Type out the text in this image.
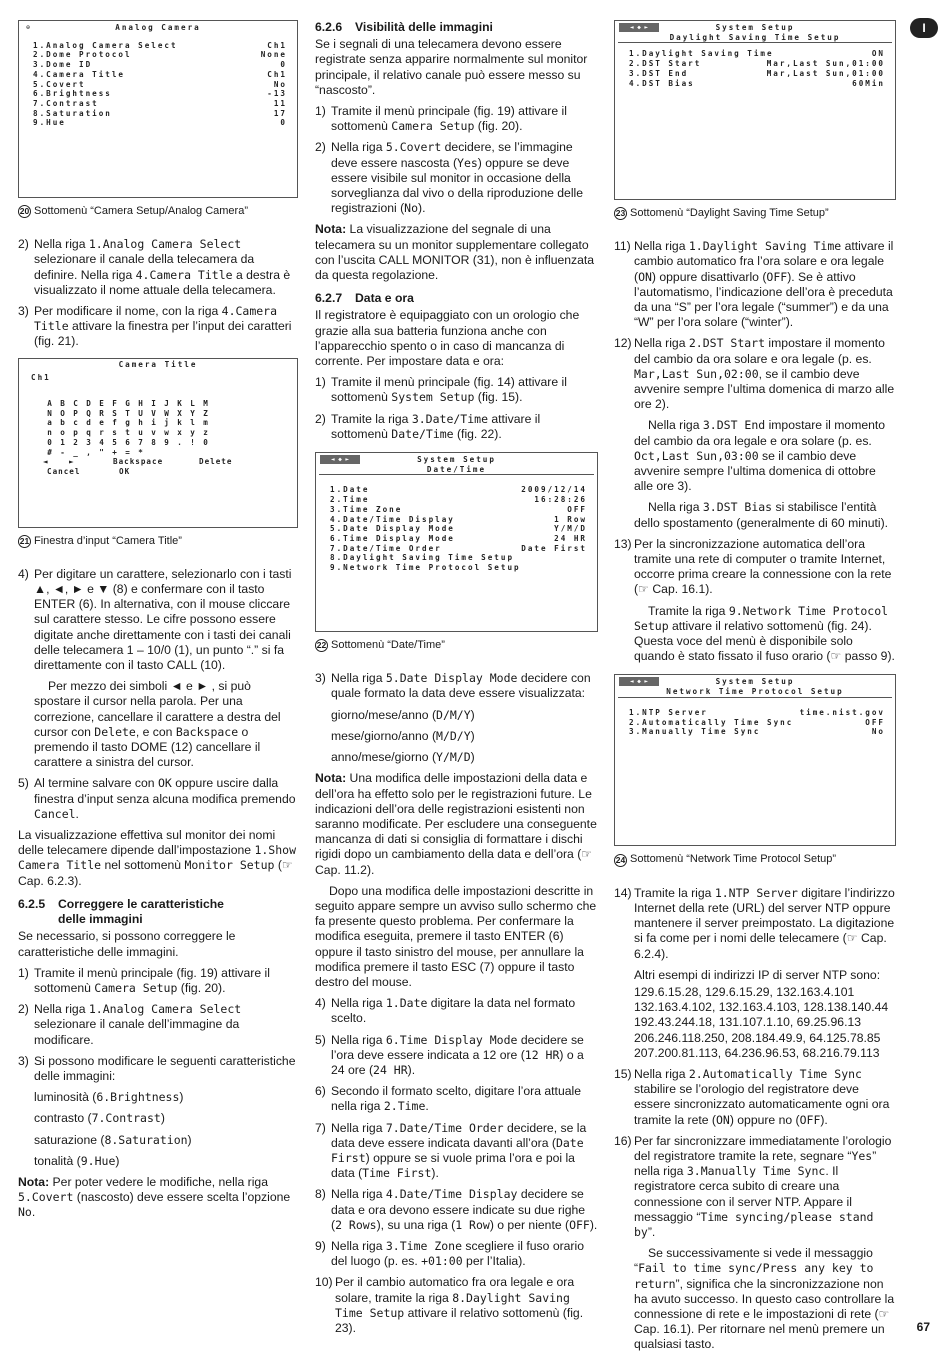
I
⊕	Analog Camera
1.Analog Camera Select	Ch1
2.Dome Protocol	None
3.Dome ID	0
4.Camera Title	Ch1
5.Covert	No
6.Brightness	-13
7.Contrast	11
8.Saturation	17
9.Hue	0
20 Sottomenù “Camera Setup/Analog Camera”
2) Nella riga 1.Analog Camera Select selezionare il canale della telecamera da definire. Nella riga 4.Camera Title a destra è visualizzato il nome attuale della telecamera.
3) Per modificare il nome, con la riga 4.Camera Title attivare la finestra per l’input dei caratteri (fig. 21).
Camera Title
Ch1
A	B	C	D	E	F	G	H	I	J	K	L	M
N	O	P	Q	R	S	T	U	V	W	X	Y	Z
a	b	c	d	e	f	g	h	i	j	k	l	m
n	o	p	q	r	s	t	u	v	w	x	y	z
0	1	2	3	4	5	6	7	8	9	.	!	0
#	-	_	,	"	+	=	*
◄	►	Backspace	Delete
Cancel	OK
21 Finestra d’input “Camera Title”
4) Per digitare un carattere, selezionarlo con i tasti ▲, ◄, ► e ▼ (8) e confermare con il tasto ENTER (6). In alternativa, con il mouse cliccare sul carattere stesso. Le cifre possono essere digitate anche direttamente con i tasti dei canali delle telecamera 1 – 10/0 (1), un punto “.” si fa direttamente con il tasto CALL (10).

Per mezzo dei simboli ◄ e ► , si può spostare il cursor nella parola. Per una correzione, cancellare il carattere a destra del cursor con Delete, e con Backspace o premendo il tasto DOME (12) cancellare il carattere a sinistra del cursor.

5) Al termine salvare con OK oppure uscire dalla finestra d’input senza alcuna modifica premendo Cancel.

La visualizzazione effettiva sul monitor dei nomi delle telecamere dipende dall’impostazione 1.Show Camera Title nel sottomenù Monitor Setup (☞ Cap. 6.2.3).

6.2.5	Correggere le caratteristiche
delle immagini

Se necessario, si possono correggere le caratteristiche delle immagini.

1) Tramite il menù principale (fig. 19) attivare il sottomenù Camera Setup (fig. 20).
2) Nella riga 1.Analog Camera Select selezionare il canale dell’immagine da modificare.
3) Si possono modificare le seguenti caratteristiche delle immagini:

luminosità (6.Brightness)

contrasto (7.Contrast)

saturazione (8.Saturation)

tonalità (9.Hue)

Nota: Per poter vedere le modifiche, nella riga 5.Covert (nascosto) deve essere scelta l’opzione No.

6.2.6	Visibilità delle immagini

Se i segnali di una telecamera devono essere registrate senza apparire normalmente sul monitor principale, il relativo canale può essere messo su “nascosto”.

1) Tramite il menù principale (fig. 19) attivare il sottomenù Camera Setup (fig. 20).
2) Nella riga 5.Covert decidere, se l’immagine deve essere nascosta (Yes) oppure se deve essere visibile sul monitor in occasione della sorveglianza dal vivo o della riproduzione delle registrazioni (No).

Nota: La visualizzazione del segnale di una telecamera su un monitor supplementare collegato con l’uscita CALL MONITOR (31), non è influenzata da questa regolazione.

6.2.7	Data e ora

Il registratore è equipaggiato con un orologio che grazie alla sua batteria funziona anche con l’apparecchio spento o in caso di mancanza di corrente. Per impostare data e ora:

1) Tramite il menù principale (fig. 14) attivare il sottomenù System Setup (fig. 15).
2) Tramite la riga 3.Date/Time attivare il sottomenù Date/Time (fig. 22).
◄ ◆ ►	System Setup
Date/Time
1.Date	2009/12/14
2.Time	16:28:26
3.Time Zone	OFF
4.Date/Time Display	1 Row
5.Date Display Mode	Y/M/D
6.Time Display Mode	24 HR
7.Date/Time Order	Date First
8.Daylight Saving Time Setup
9.Network Time Protocol Setup
22 Sottomenù “Date/Time”
3) Nella riga 5.Date Display Mode decidere con quale formato la data deve essere visualizzata:

giorno/mese/anno (D/M/Y)

mese/giorno/anno (M/D/Y)

anno/mese/giorno (Y/M/D)

Nota: Una modifica delle impostazioni della data e dell’ora ha effetto solo per le registrazioni future. Le indicazioni dell’ora delle registrazioni esistenti non saranno modificate. Per escludere una conseguente mancanza di dati si consiglia di formattare i dischi rigidi dopo un cambiamento della data e dell’ora (☞ Cap. 11.2).

Dopo una modifica delle impostazioni descritte in seguito appare sempre un avviso sullo schermo che fa presente questo problema. Per confermare la modifica eseguita, premere il tasto ENTER (6) oppure il tasto sinistro del mouse, per annullare la modifica premere il tasto ESC (7) oppure il tasto destro del mouse.

4) Nella riga 1.Date digitare la data nel formato scelto.
5) Nella riga 6.Time Display Mode decidere se l’ora deve essere indicata a 12 ore (12 HR) o a 24 ore (24 HR).
6) Secondo il formato scelto, digitare l’ora attuale nella riga 2.Time.
7) Nella riga 7.Date/Time Order decidere, se la data deve essere indicata davanti all’ora (Date First) oppure se si vuole prima l’ora e poi la data (Time First).
8) Nella riga 4.Date/Time Display decidere se data e ora devono essere indicate su due righe (2 Rows), su una riga (1 Row) o per niente (OFF).
9) Nella riga 3.Time Zone scegliere il fuso orario del luogo (p. es. +01:00 per l’Italia).
10) Per il cambio automatico fra ora legale e ora solare, tramite la riga 8.Daylight Saving Time Setup attivare il relativo sottomenù (fig. 23).
◄ ◆ ►	System Setup
Daylight Saving Time Setup
1.Daylight Saving Time	ON
2.DST Start	Mar,Last Sun,01:00
3.DST End	Mar,Last Sun,01:00
4.DST Bias	60Min
23 Sottomenù “Daylight Saving Time Setup”
11) Nella riga 1.Daylight Saving Time attivare il cambio automatico fra l’ora solare e ora legale (ON) oppure disattivarlo (OFF). Se è attivo l’automatismo, l’indicazione dell’ora è preceduta da una “S” per l’ora legale (“summer”) e da una “W” per l’ora solare (“winter”).
12) Nella riga 2.DST Start impostare il momento del cambio da ora solare e ora legale (p. es. Mar,Last Sun,02:00, se il cambio deve avvenire sempre l’ultima domenica di marzo alle ore 2).

Nella riga 3.DST End impostare il momento del cambio da ora legale e ora solare (p. es. Oct,Last Sun,03:00 se il cambio deve avvenire sempre l’ultima domenica di ottobre alle ore 3).

Nella riga 3.DST Bias si stabilisce l’entità dello spostamento (generalmente di 60 minuti).

13) Per la sincronizzazione automatica dell’ora tramite una rete di computer o tramite Internet, occorre prima creare la connessione con la rete (☞ Cap. 16.1).

Tramite la riga 9.Network Time Protocol Setup attivare il relativo sottomenù (fig. 24). Questa voce del menù è disponibile solo quando è stato fissato il fuso orario (☞ passo 9).

◄ ◆ ►	System Setup
Network Time Protocol Setup
1.NTP Server	time.nist.gov
2.Automatically Time Sync	OFF
3.Manually Time Sync	No
24 Sottomenù “Network Time Protocol Setup”
14) Tramite la riga 1.NTP Server digitare l’indirizzo Internet della rete (URL) del server NTP oppure mantenere il server preimpostato. La digitazione si fa come per i nomi delle telecamere (☞ Cap. 6.2.4).

Altri esempi di indirizzi IP di server NTP sono:

129.6.15.28, 129.6.15.29, 132.163.4.101 132.163.4.102, 132.163.4.103, 128.138.140.44 192.43.244.18, 131.107.1.10, 69.25.96.13 206.246.118.250, 208.184.49.9, 64.125.78.85 207.200.81.113, 64.236.96.53, 68.216.79.113

15) Nella riga 2.Automatically Time Sync stabilire se l’orologio del registratore deve essere sincronizzato automaticamente ogni ora tramite la rete (ON) oppure no (OFF).
16) Per far sincronizzare immediatamente l’orologio del registratore tramite la rete, segnare “Yes” nella riga 3.Manually Time Sync. Il registratore cerca subito di creare una connessione con il server NTP. Appare il messaggio “Time syncing/please stand by”.

Se successivamente si vede il messaggio “Fail to time sync/Press any key to return”, significa che la sincronizzazione non ha avuto successo. In questo caso controllare la connessione di rete e le impostazioni di rete (☞ Cap. 16.1). Per ritornare nel menù premere un qualsiasi tasto.

67
